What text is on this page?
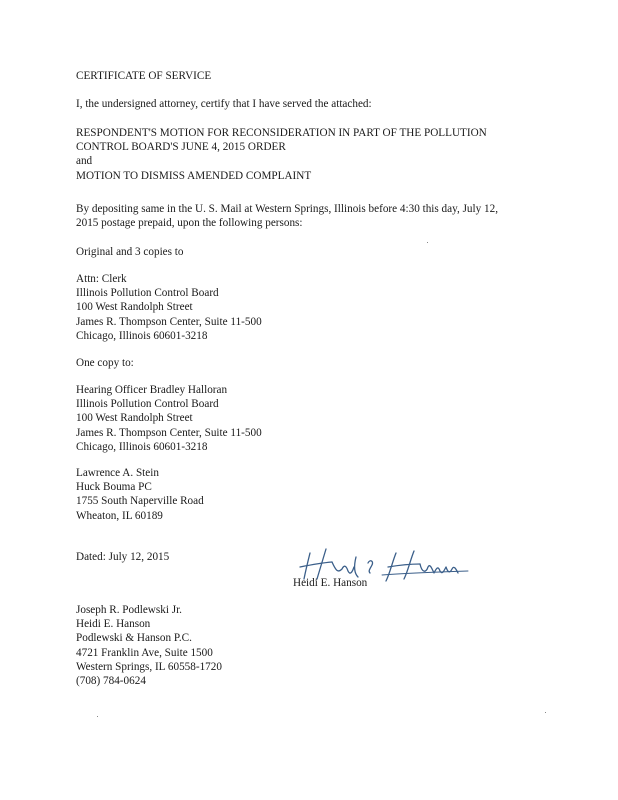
CERTIFICATE OF SERVICE
I, the undersigned attorney, certify that I have served the attached:
RESPONDENT'S MOTION FOR RECONSIDERATION IN PART OF THE POLLUTION
CONTROL BOARD'S JUNE 4, 2015 ORDER
and
MOTION TO DISMISS AMENDED COMPLAINT
By depositing same in the U. S. Mail at Western Springs, Illinois before 4:30 this day, July 12,
2015 postage prepaid, upon the following persons:
Original and 3 copies to
Attn: Clerk
Illinois Pollution Control Board
100 West Randolph Street
James R. Thompson Center, Suite 11-500
Chicago, Illinois 60601-3218
One copy to:
Hearing Officer Bradley Halloran
Illinois Pollution Control Board
100 West Randolph Street
James R. Thompson Center, Suite 11-500
Chicago, Illinois 60601-3218
Lawrence A. Stein
Huck Bouma PC
1755 South Naperville Road
Wheaton, IL 60189
Dated: July 12, 2015
Heidi E. Hanson
Joseph R. Podlewski Jr.
Heidi E. Hanson
Podlewski & Hanson P.C.
4721 Franklin Ave, Suite 1500
Western Springs, IL 60558-1720
(708) 784-0624
